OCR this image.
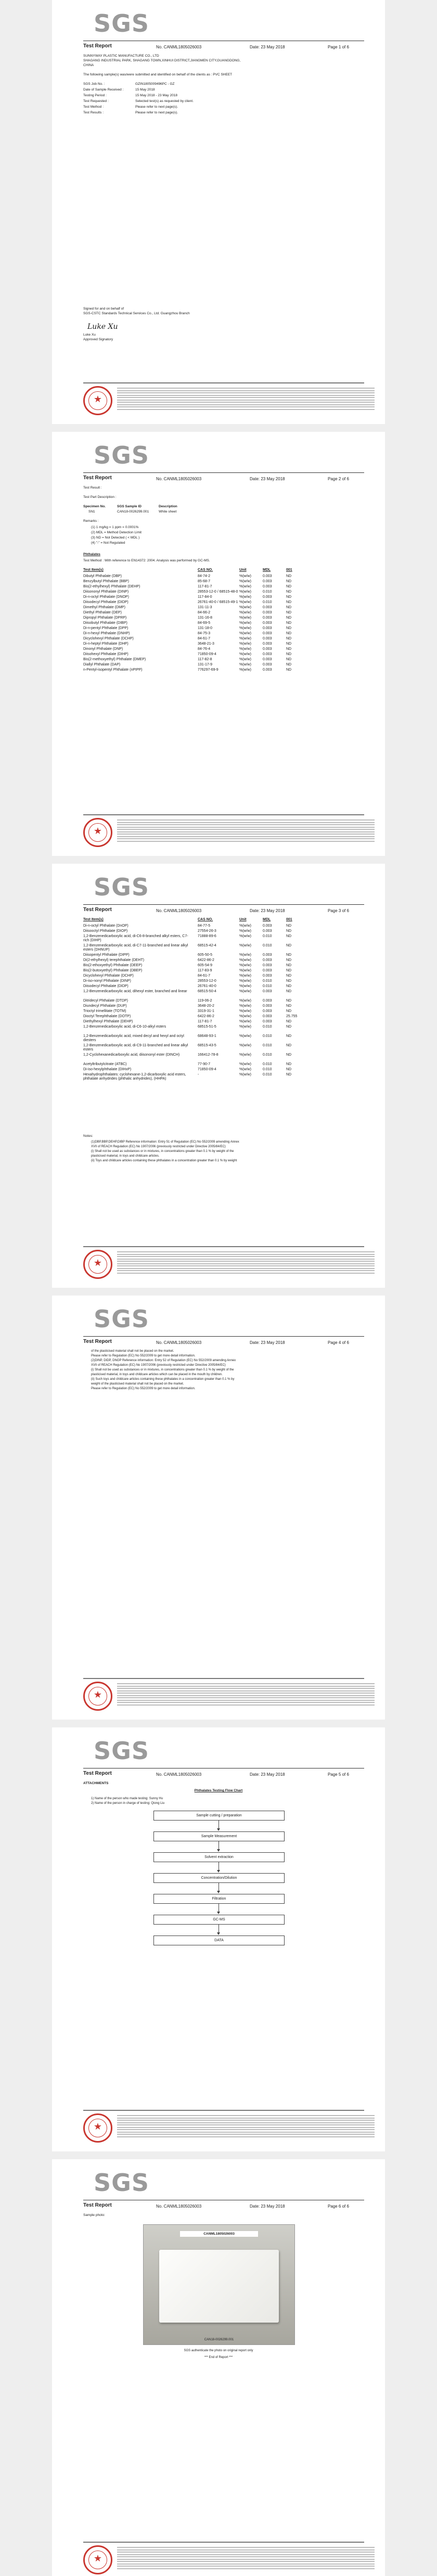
SGS
Test Report	No. CANML1805026003	Date: 23 May 2018	Page 1 of 6
SUNNYWAY PLASTIC MANUFACTURE CO., LTD
SHAGANG INDUSTRIAL PARK, SHAGANG TOWN,XINHUI DISTRICT,JIANGMEN CITY,GUANGDONG,
CHINA
The following sample(s) was/were submitted and identified on behalf of the clients as : PVC SHEET
SGS Job No. :	GZIN1805009496PC - GZ
Date of Sample Received :	15 May 2018
Testing Period :	15 May 2018 - 23 May 2018
Test Requested :	Selected test(s) as requested by client.
Test Method :	Please refer to next page(s).
Test Results :	Please refer to next page(s).
Signed for and on behalf of
SGS-CSTC Standards Technical Services Co., Ltd. Guangzhou Branch
Luke Xu
Luke Xu
Approved Signatory
★
SGS
Test Report	No. CANML1805026003	Date: 23 May 2018	Page 2 of 6
Test Result :
Test Part Description :
Specimen No.	SGS Sample ID	Description
SN1	CAN18-0026299.001	White sheet
Remarks :
(1) 1 mg/kg = 1 ppm = 0.0001%
(2) MDL = Method Detection Limit
(3) ND = Not Detected ( < MDL )
(4) "-" = Not Regulated
Phthalates
Test Method : With reference to EN14372: 2004. Analysis was performed by GC-MS.
Test Item(s)	CAS NO.	Unit	MDL	001
Dibutyl Phthalate (DBP)	84-74-2	%(w/w)	0.003	ND
Benzylbutyl Phthalate (BBP)	85-68-7	%(w/w)	0.003	ND
Bis(2-ethylhexyl) Phthalate (DEHP)	117-81-7	%(w/w)	0.003	ND
Diisononyl Phthalate (DINP)	28553-12-0 / 68515-48-0 %(w/w)	0.010	ND
Di-n-octyl Phthalate (DNOP)	117-84-0	%(w/w)	0.003	ND
Diisodecyl Phthalate (DIDP)	26761-40-0 / 68515-49-1 %(w/w)	0.010	ND
Dimethyl Phthalate (DMP)	131-11-3	%(w/w)	0.003	ND
Diethyl Phthalate (DEP)	84-66-2	%(w/w)	0.003	ND
Dipropyl Phthalate (DPRP)	131-16-8	%(w/w)	0.003	ND
Diisobutyl Phthalate (DIBP)	84-69-5	%(w/w)	0.003	ND
Di-n-pentyl Phthalate (DPP)	131-18-0	%(w/w)	0.003	ND
Di-n-hexyl Phthalate (DNHP)	84-75-3	%(w/w)	0.003	ND
Dicyclohexyl Phthalate (DCHP)	84-61-7	%(w/w)	0.003	ND
Di-n-heptyl Phthalate (DHP)	3648-21-3	%(w/w)	0.003	ND
Dinonyl Phthalate (DNP)	84-76-4	%(w/w)	0.003	ND
Diisohexyl Phthalate (DIHP)	71850-09-4	%(w/w)	0.003	ND
Bis(2-methoxyethyl) Phthalate (DMEP)	117-82-8	%(w/w)	0.003	ND
Diallyl Phthalate (DAP)	131-17-9	%(w/w)	0.003	ND
n-Pentyl-isopentyl Phthalate (nPIPP)	776297-69-9	%(w/w)	0.003	ND
★
SGS
Test Report	No. CANML1805026003	Date: 23 May 2018	Page 3 of 6
Test Item(s)	CAS NO.	Unit	MDL	001
Di-n-octyl Phthalate (DnOP)	84-77-5	%(w/w)	0.003	ND
Diisooctyl Phthalate (DIOP)	27554-26-3	%(w/w)	0.003	ND
1,2-Benzenedicarboxylic acid, di-C6-8-branched alkyl esters, C7-rich (DIHP)
71888-89-6	%(w/w)	0.010	ND
1,2-Benzenedicarboxylic acid, di-C7-11-branched and linear alkyl esters (DHNUP)
68515-42-4	%(w/w)	0.010	ND
Diisopentyl Phthalate (DIPP)	605-50-5	%(w/w)	0.003	ND
Di(2-ethylhexyl) terephthalate (DEHT)	6422-86-2	%(w/w)	0.003	ND
Bis(2-ethoxyethyl) Phthalate (DEEP)	605-54-9	%(w/w)	0.003	ND
Bis(2-butoxyethyl) Phthalate (DBEP)	117-83-9	%(w/w)	0.003	ND
Dicyclohexyl Phthalate (DCHP)	84-61-7	%(w/w)	0.003	ND
Di-iso-nonyl Phthalate (DINP)	28553-12-0	%(w/w)	0.010	ND
Diisodecyl Phthalate (DIDP)	26761-40-0	%(w/w)	0.010	ND
1,2-Benzenedicarboxylic acid, dihexyl ester, branched and linear	68515-50-4	%(w/w)	0.003	ND
Ditridecyl Phthalate (DTDP)	119-06-2	%(w/w)	0.003	ND
Diundecyl Phthalate (DUP)	3648-20-2	%(w/w)	0.003	ND
Trioctyl trimellitate (TOTM)	3319-31-1	%(w/w)	0.003	ND
Dioctyl Terephthalate (DOTP)	6422-86-2	%(w/w)	0.003	25.755
Diethylhexyl Phthalate (DEHP)	117-81-7	%(w/w)	0.003	ND
1,2-Benzenedicarboxylic acid, di-C6-10-alkyl esters	68515-51-5	%(w/w)	0.010	ND
1,2-Benzenedicarboxylic acid, mixed decyl and hexyl and octyl diesters
68648-93-1	%(w/w)	0.010	ND
1,2-Benzenedicarboxylic acid, di-C9-11-branched and linear alkyl esters
68515-43-5	%(w/w)	0.010	ND
1,2-Cyclohexanedicarboxylic acid, diisononyl ester (DINCH)	166412-78-8	%(w/w)	0.010	ND
Acetyltributylcitrate (ATBC)	77-90-7	%(w/w)	0.010	ND
Di-iso-hexylphthalate (DIHxP)	71850-09-4	%(w/w)	0.010	ND
Hexahydrophthalates: cyclohexane-1,2-dicarboxylic acid esters, phthalate anhydrides (phthalic anhydrides), (HHPA)
-	%(w/w)	0.010	ND
Notes:
(1)DBP,BBP,DEHP,DIBP Reference information: Entry 51 of Regulation (EC) No 552/2009 amending Annex
XVII of REACH Regulation (EC) No 1907/2006 (previously restricted under Directive 2005/84/EC)
(i) Shall not be used as substances or in mixtures, in concentrations greater than 0.1 % by weight of the
plasticised material, in toys and childcare articles.
(ii) Toys and childcare articles containing these phthalates in a concentration greater than 0.1 % by weight
★
SGS
Test Report	No. CANML1805026003	Date: 23 May 2018	Page 4 of 6
of the plasticised material shall not be placed on the market.
Please refer to Regulation (EC) No 552/2009 to get more detail information.
(2)DINP, DIDP, DNOP Reference information: Entry 52 of Regulation (EC) No 552/2009 amending Annex
XVII of REACH Regulation (EC) No 1907/2006 (previously restricted under Directive 2005/84/EC)
(i) Shall not be used as substances or in mixtures, in concentrations greater than 0.1 % by weight of the
plasticised material, in toys and childcare articles which can be placed in the mouth by children.
(ii) Such toys and childcare articles containing these phthalates in a concentration greater than 0.1 % by
weight of the plasticised material shall not be placed on the market.
Please refer to Regulation (EC) No 552/2009 to get more detail information.
★
SGS
Test Report	No. CANML1805026003	Date: 23 May 2018	Page 5 of 6
ATTACHMENTS
Phthalates Testing Flow Chart
1) Name of the person who made testing: Sunny Hu
2) Name of the person in charge of testing: Qiong Liu
Sample cutting / preparation
Sample Measurement
Solvent extraction
Concentration/Dilution
Filtration
GC-MS
DATA
★
SGS
Test Report	No. CANML1805026003	Date: 23 May 2018	Page 6 of 6
Sample photo:
CANML1805026003
CAN18-0026299.001
SGS authenticate the photo on original report only
*** End of Report ***
★
